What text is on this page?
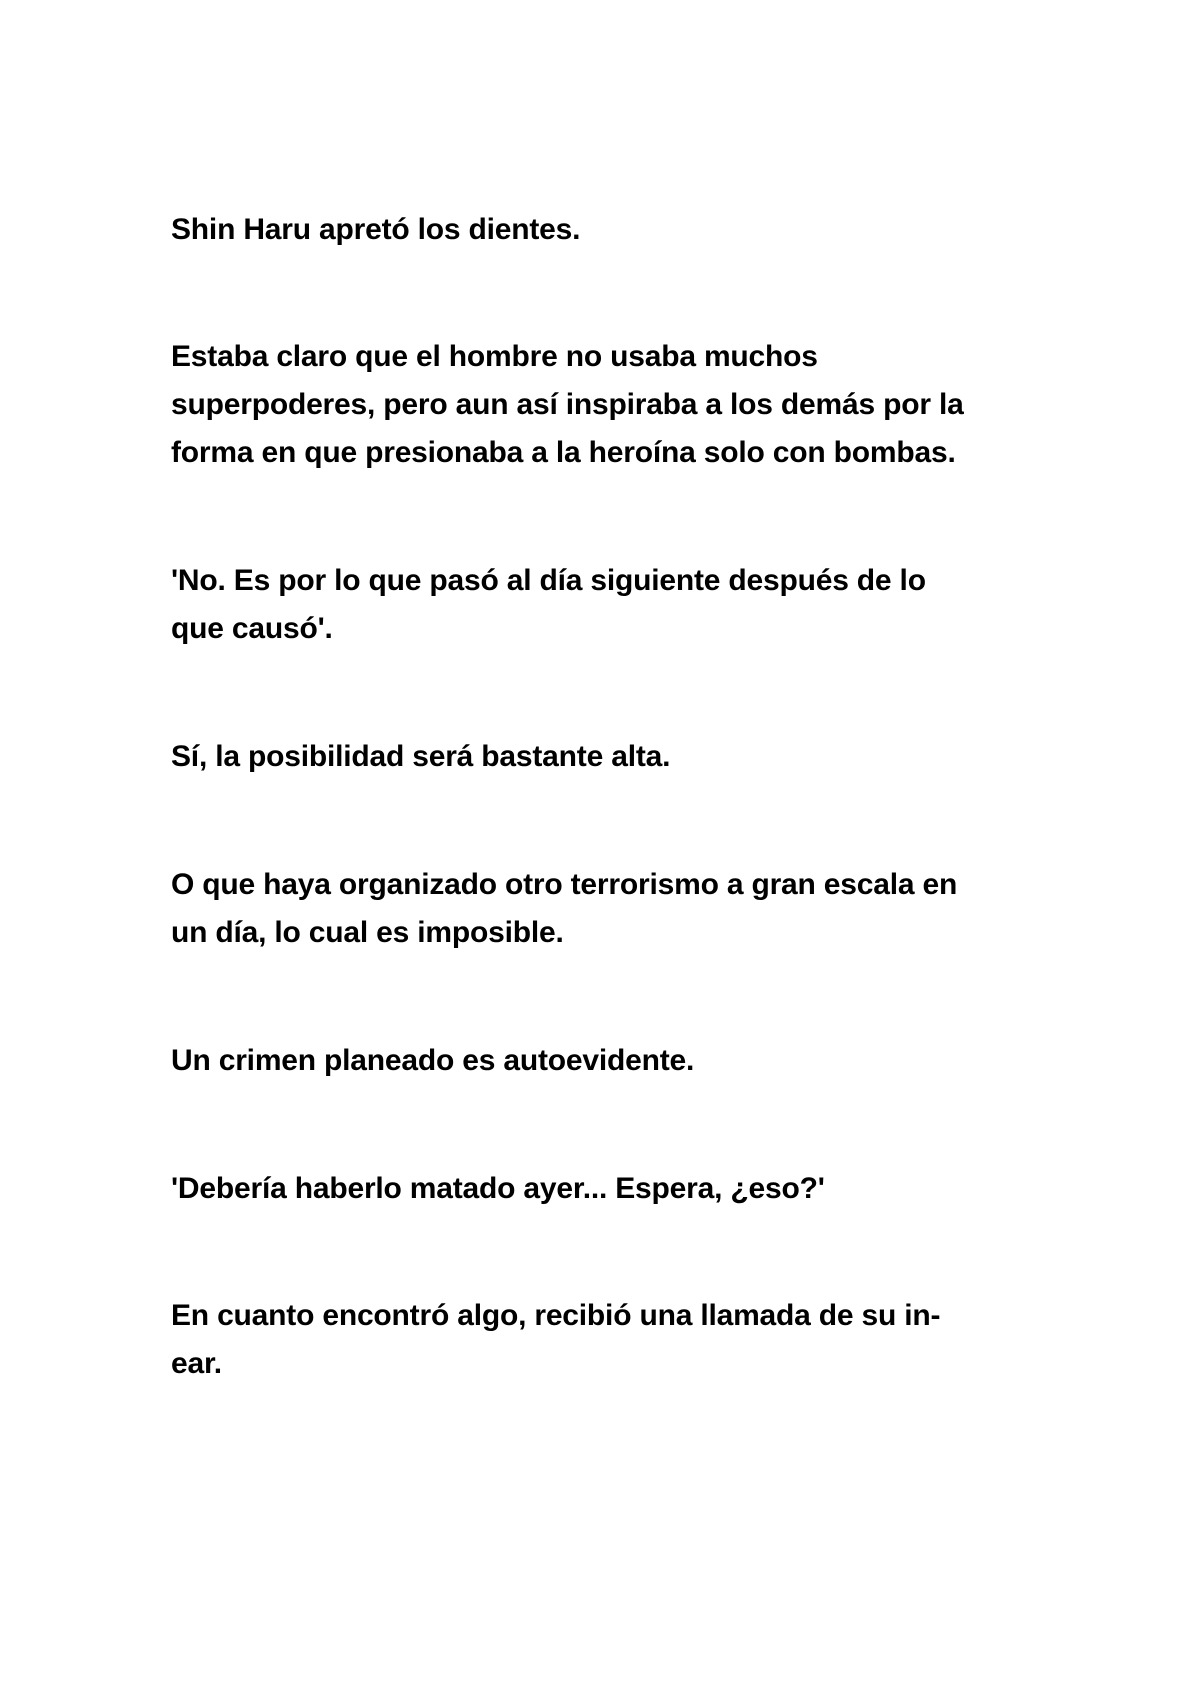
Shin Haru apretó los dientes.

Estaba claro que el hombre no usaba muchos
superpoderes, pero aun así inspiraba a los demás por la
forma en que presionaba a la heroína solo con bombas.

'No. Es por lo que pasó al día siguiente después de lo
que causó'.

Sí, la posibilidad será bastante alta.

O que haya organizado otro terrorismo a gran escala en
un día, lo cual es imposible.

Un crimen planeado es autoevidente.

'Debería haberlo matado ayer... Espera, ¿eso?'

En cuanto encontró algo, recibió una llamada de su in-
ear.
